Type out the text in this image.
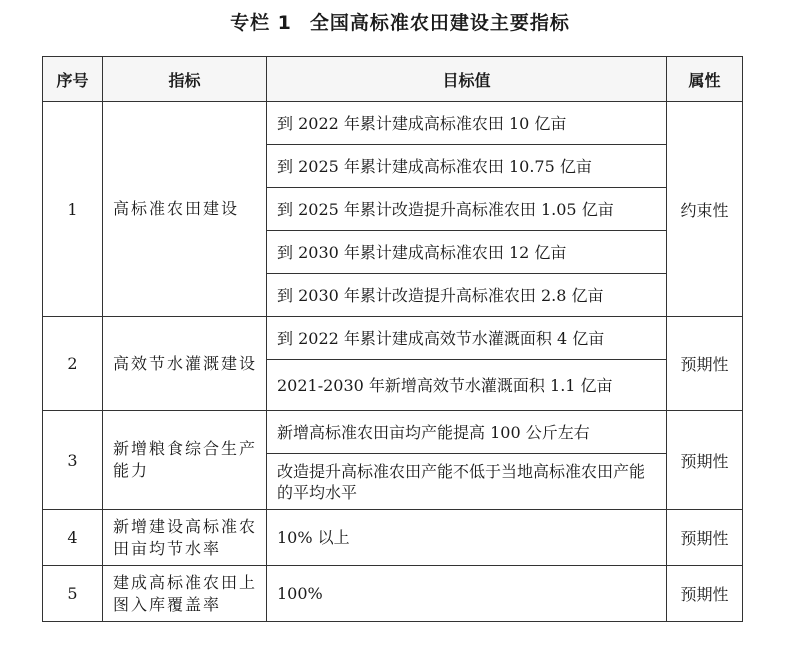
专栏 1 全国高标准农田建设主要指标
序号	指标	目标值	属性
1	高标准农田建设	到 2022 年累计建成高标准农田 10 亿亩	约束性
		到 2025 年累计建成高标准农田 10.75 亿亩	
		到 2025 年累计改造提升高标准农田 1.05 亿亩	
		到 2030 年累计建成高标准农田 12 亿亩	
		到 2030 年累计改造提升高标准农田 2.8 亿亩	
2	高效节水灌溉建设	到 2022 年累计建成高效节水灌溉面积 4 亿亩	预期性
		2021-2030 年新增高效节水灌溉面积 1.1 亿亩	
3	新增粮食综合生产能力	新增高标准农田亩均产能提高 100 公斤左右	预期性
		改造提升高标准农田产能不低于当地高标准农田产能的平均水平	
4	新增建设高标准农田亩均节水率	10% 以上	预期性
5	建成高标准农田上图入库覆盖率	100%	预期性
